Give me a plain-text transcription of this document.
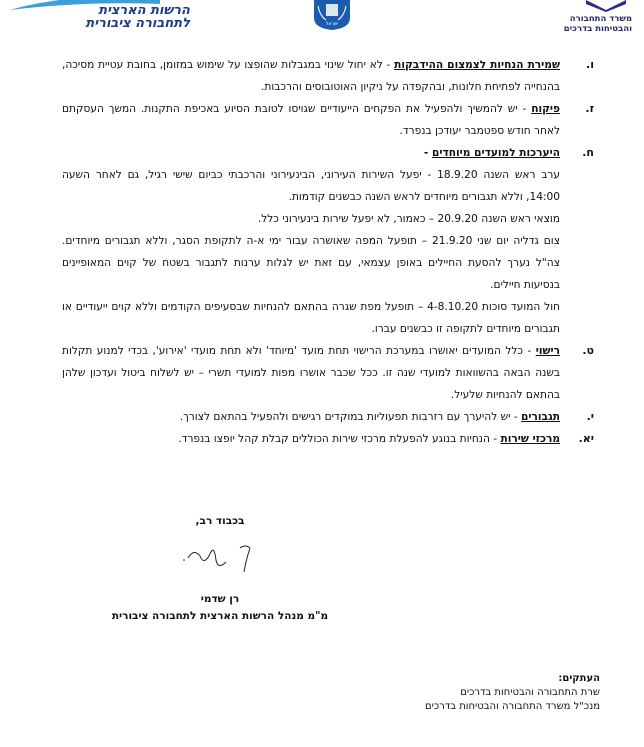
הרשות הארצית
לתחבורה ציבורית	ישראל
משרד התחבורה
והבטיחות בדרכים
ו.
שמירת הנחיות לצמצום ההידבקות - לא יחול שינוי במגבלות שהופצו על שימוש במזומן, בחובת עטיית מסיכה, בהנחייה לפתיחת חלונות, ובהקפדה על ניקיון האוטובוסים והרכבות.
ז.
פיקוח - יש להמשיך ולהפעיל את הפקחים הייעודיים שגויסו לטובת הסיוע באכיפת התקנות. המשך העסקתם לאחר חודש ספטמבר יעודכן בנפרד.
ח.
היערכות למועדים מיוחדים -
ערב ראש השנה 18.9.20 - יפעל השירות העירוני, הבינעירוני והרכבתי כביום שישי רגיל, גם לאחר השעה 14:00, וללא תגבורים מיוחדים לראש השנה כבשנים קודמות.
מוצאי ראש השנה 20.9.20 – כאמור, לא יפעל שירות בינעירוני כלל.
צום גדליה יום שני 21.9.20 – תופעל המפה שאושרה עבור ימי א-ה לתקופת הסגר, וללא תגבורים מיוחדים. צה"ל נערך להסעת החיילים באופן עצמאי, עם זאת יש לגלות ערנות לתגבור בשטח של קוים המאופיינים בנסיעות חיילים.
חול המועד סוכות 4-8.10.20 – תופעל מפת שגרה בהתאם להנחיות שבסעיפים הקודמים וללא קוים ייעודיים או תגבורים מיוחדים לתקופה זו כבשנים עברו.
ט.
רישוי - כלל המועדים יאושרו במערכת הרישוי תחת מועד 'מיוחד' ולא תחת מועדי 'אירוע', בכדי למנוע תקלות בשנה הבאה בהשוואות למועדי שנה זו. ככל שכבר אושרו מפות למועדי תשרי – יש לשלוח ביטול ועדכון שלהן בהתאם להנחיות שלעיל.
י.
תגבורים - יש להיערך עם רזרבות תפעוליות במוקדים רגישים ולהפעיל בהתאם לצורך.
יא.
מרכזי שירות - הנחיות בנוגע להפעלת מרכזי שירות הכוללים קבלת קהל יופצו בנפרד.
בכבוד רב,
רן שדמי
מ"מ מנהל הרשות הארצית לתחבורה ציבורית
העתקים:
שרת התחבורה והבטיחות בדרכים
מנכ"ל משרד התחבורה והבטיחות בדרכים
